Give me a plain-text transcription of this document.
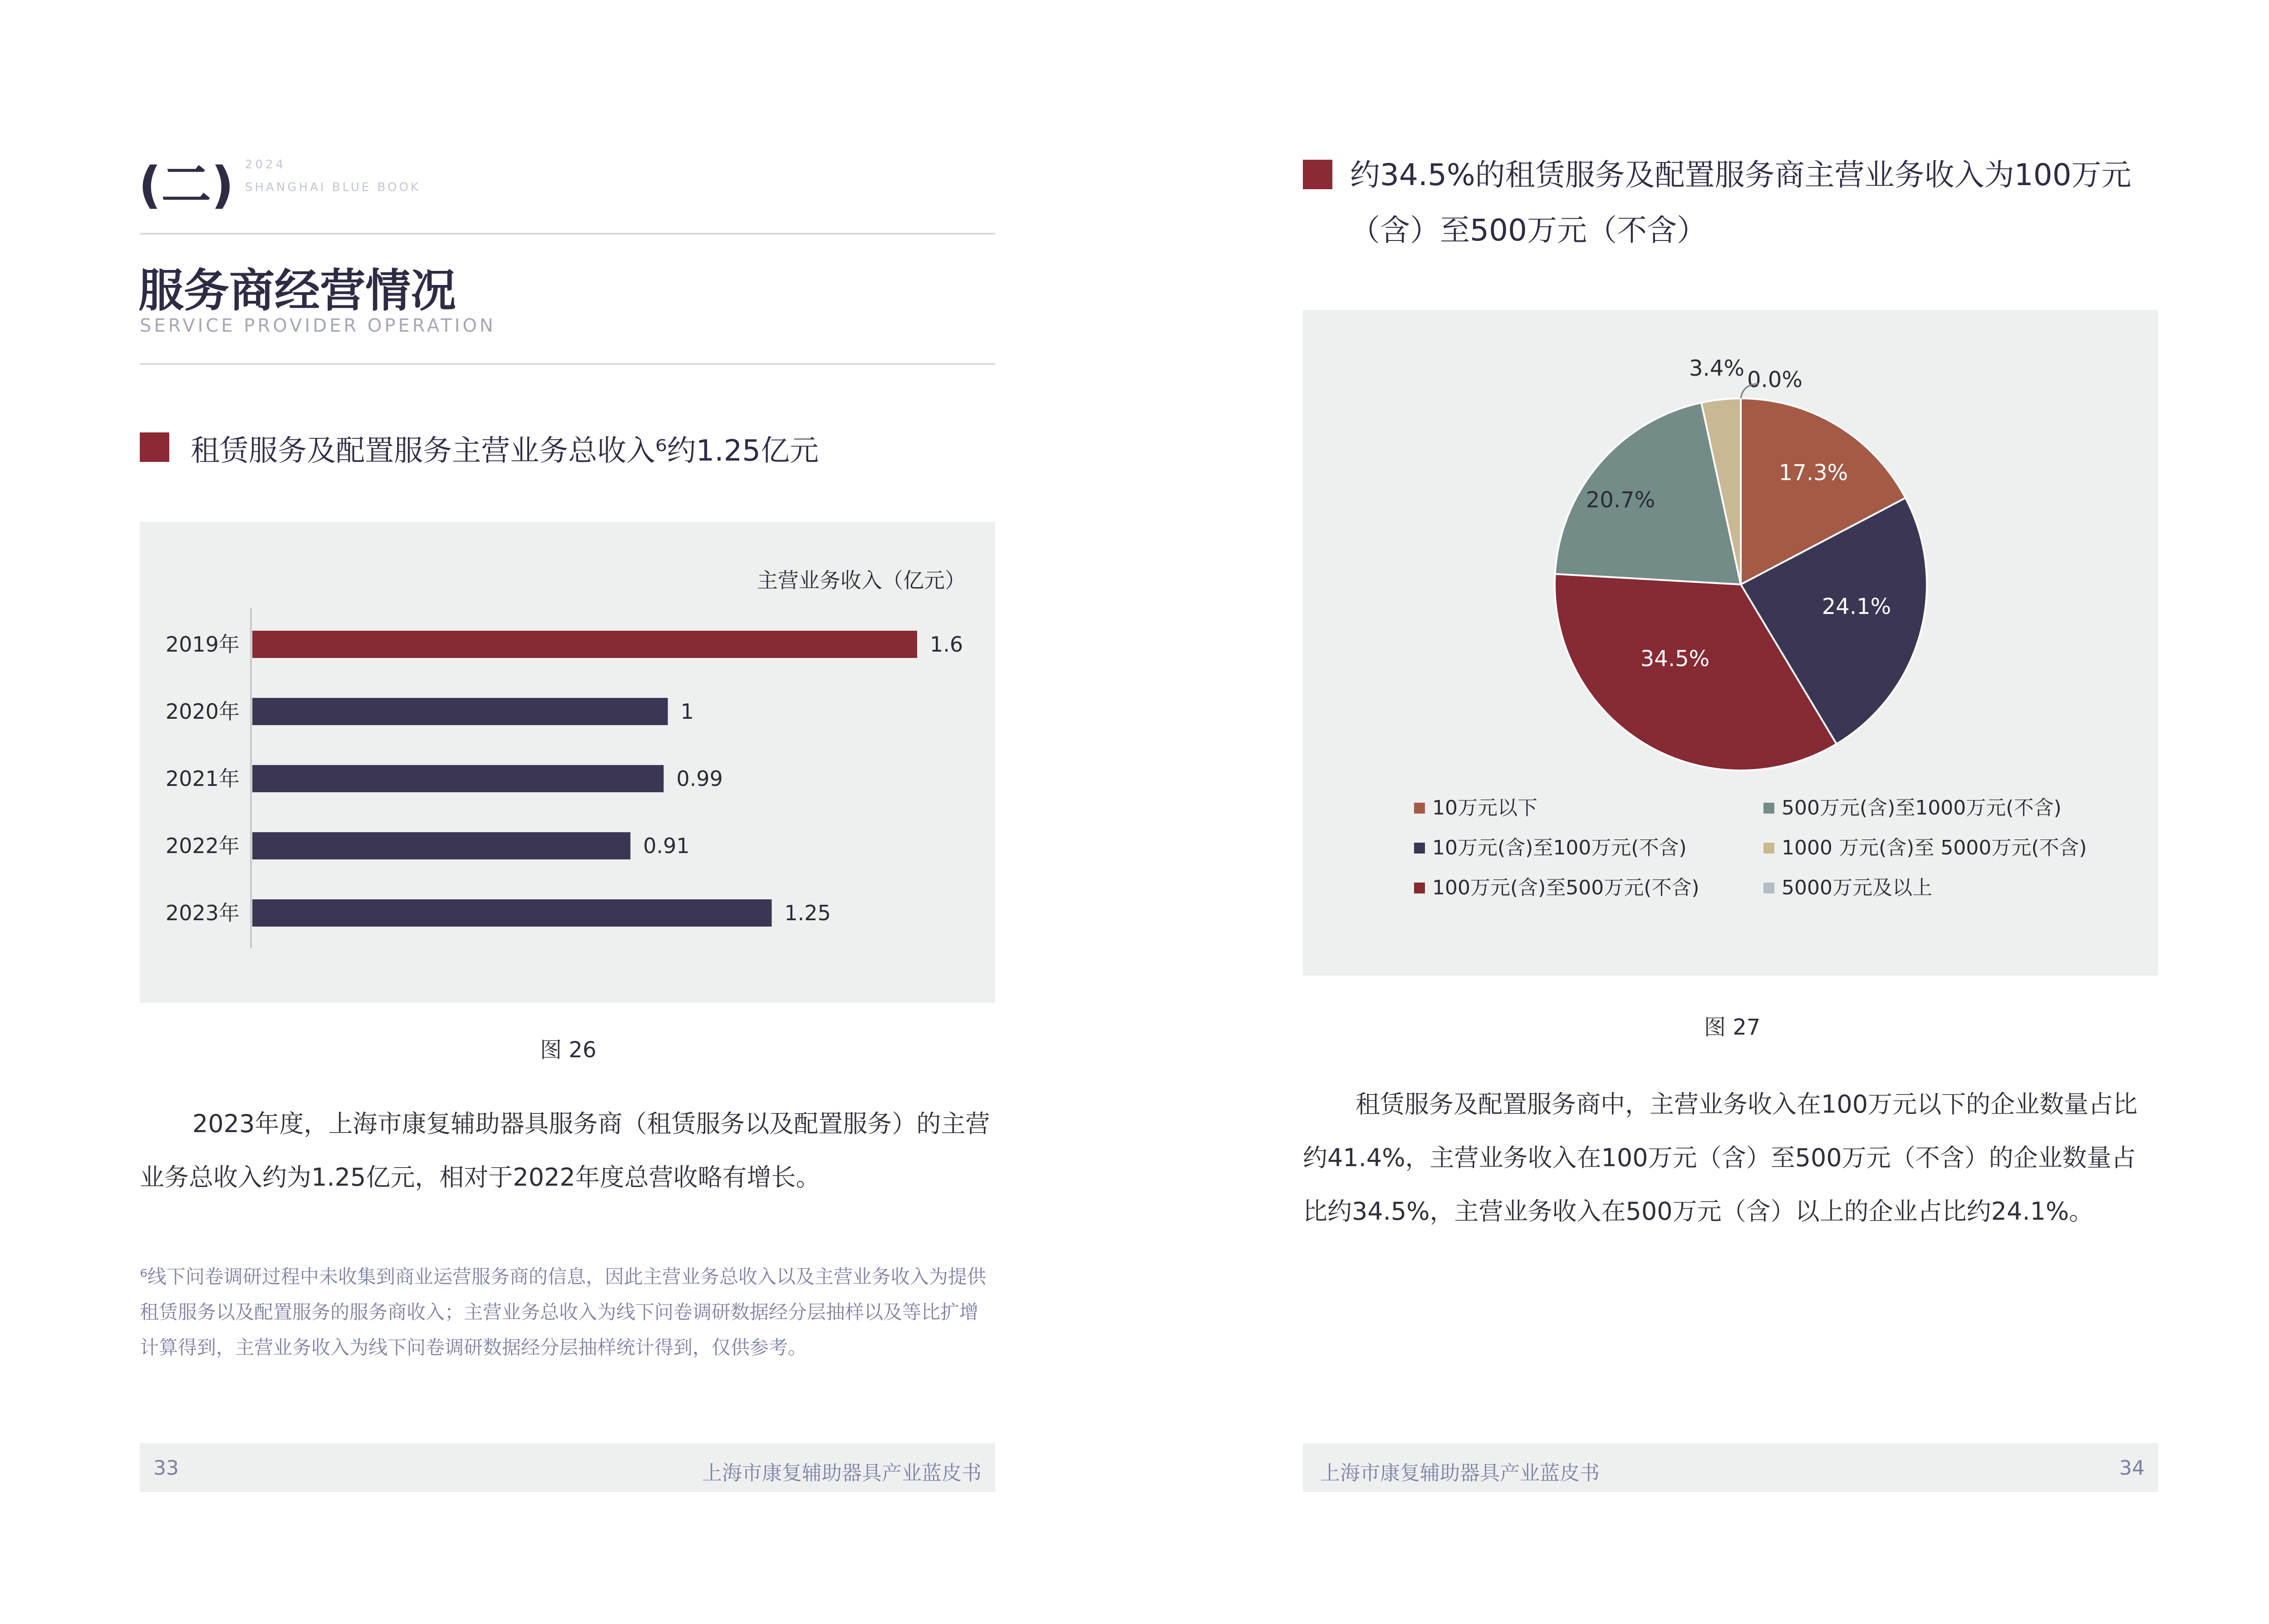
(二) 2024
SHANGHAI BLUE BOOK
服务商经营情况
SERVICE PROVIDER OPERATION
租赁服务及配置服务主营业务总收入⁶约1.25亿元
主营业务收入（亿元）
2019年	1.6
2020年	1
2021年	0.99
2022年	0.91
2023年	1.25
图 26
2023年度，上海市康复辅助器具服务商（租赁服务以及配置服务）的主营业务总收入约为1.25亿元，相对于2022年度总营收略有增长。
⁶线下问卷调研过程中未收集到商业运营服务商的信息，因此主营业务总收入以及主营业务收入为提供租赁服务以及配置服务的服务商收入；主营业务总收入为线下问卷调研数据经分层抽样以及等比扩增计算得到，主营业务收入为线下问卷调研数据经分层抽样统计得到，仅供参考。
33	上海市康复辅助器具产业蓝皮书
约34.5%的租赁服务及配置服务商主营业务收入为100万元（含）至500万元（不含）
17.3%
24.1%
34.5%
20.7%
3.4% 0.0%
10万元以下
10万元(含)至100万元(不含)
100万元(含)至500万元(不含)
500万元(含)至1000万元(不含)
1000 万元(含)至 5000万元(不含)
5000万元及以上
图 27
租赁服务及配置服务商中，主营业务收入在100万元以下的企业数量占比约41.4%，主营业务收入在100万元（含）至500万元（不含）的企业数量占比约34.5%，主营业务收入在500万元（含）以上的企业占比约24.1%。
上海市康复辅助器具产业蓝皮书	34
